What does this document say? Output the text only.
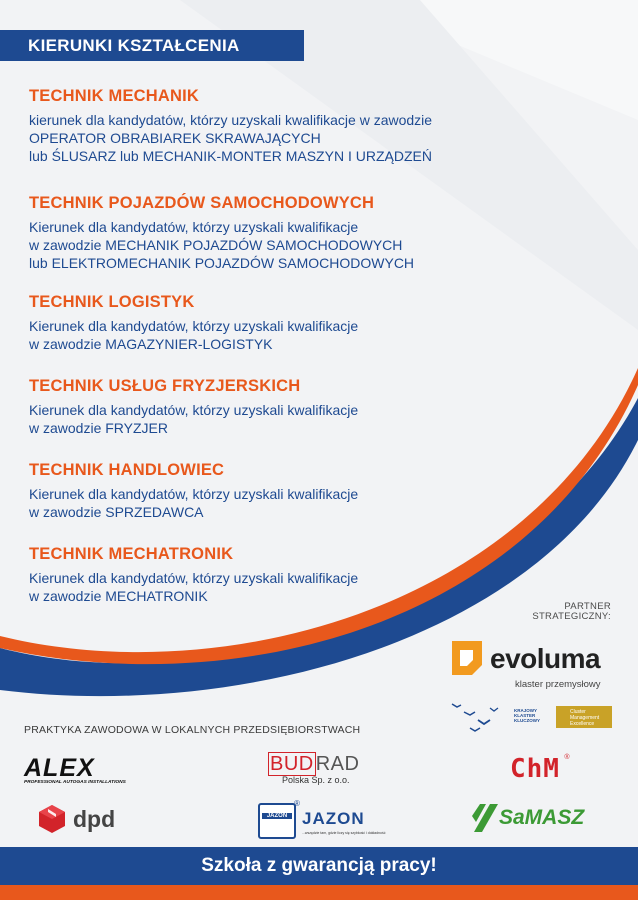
KIERUNKI KSZTAŁCENIA
TECHNIK MECHANIK

kierunek dla kandydatów, którzy uzyskali kwalifikacje w zawodzie
OPERATOR OBRABIAREK SKRAWAJĄCYCH
lub ŚLUSARZ lub MECHANIK-MONTER MASZYN I URZĄDZEŃ

TECHNIK POJAZDÓW SAMOCHODOWYCH

Kierunek dla kandydatów, którzy uzyskali kwalifikacje
w zawodzie MECHANIK POJAZDÓW SAMOCHODOWYCH
lub ELEKTROMECHANIK POJAZDÓW SAMOCHODOWYCH

TECHNIK LOGISTYK

Kierunek dla kandydatów, którzy uzyskali kwalifikacje
w zawodzie MAGAZYNIER-LOGISTYK

TECHNIK USŁUG FRYZJERSKICH

Kierunek dla kandydatów, którzy uzyskali kwalifikacje
w zawodzie FRYZJER

TECHNIK HANDLOWIEC

Kierunek dla kandydatów, którzy uzyskali kwalifikacje
w zawodzie SPRZEDAWCA

TECHNIK MECHATRONIK

Kierunek dla kandydatów, którzy uzyskali kwalifikacje
w zawodzie MECHATRONIK

PARTNER
STRATEGICZNY:
evoluma
klaster przemysłowy
KRAJOWY KLASTER KLUCZOWY
Cluster Management Excellence
PRAKTYKA ZAWODOWA W LOKALNYCH PRZEDSIĘBIORSTWACH
ALEX
PROFESSIONAL AUTOGAS INSTALLATIONS
BUD RAD
Polska Sp. z o.o.	ChM ®
dpd	JAZON
®
JAZON
...wszędzie tam, gdzie liczy się szybkość i dokładność
SaMASZ
Szkoła z gwarancją pracy!
